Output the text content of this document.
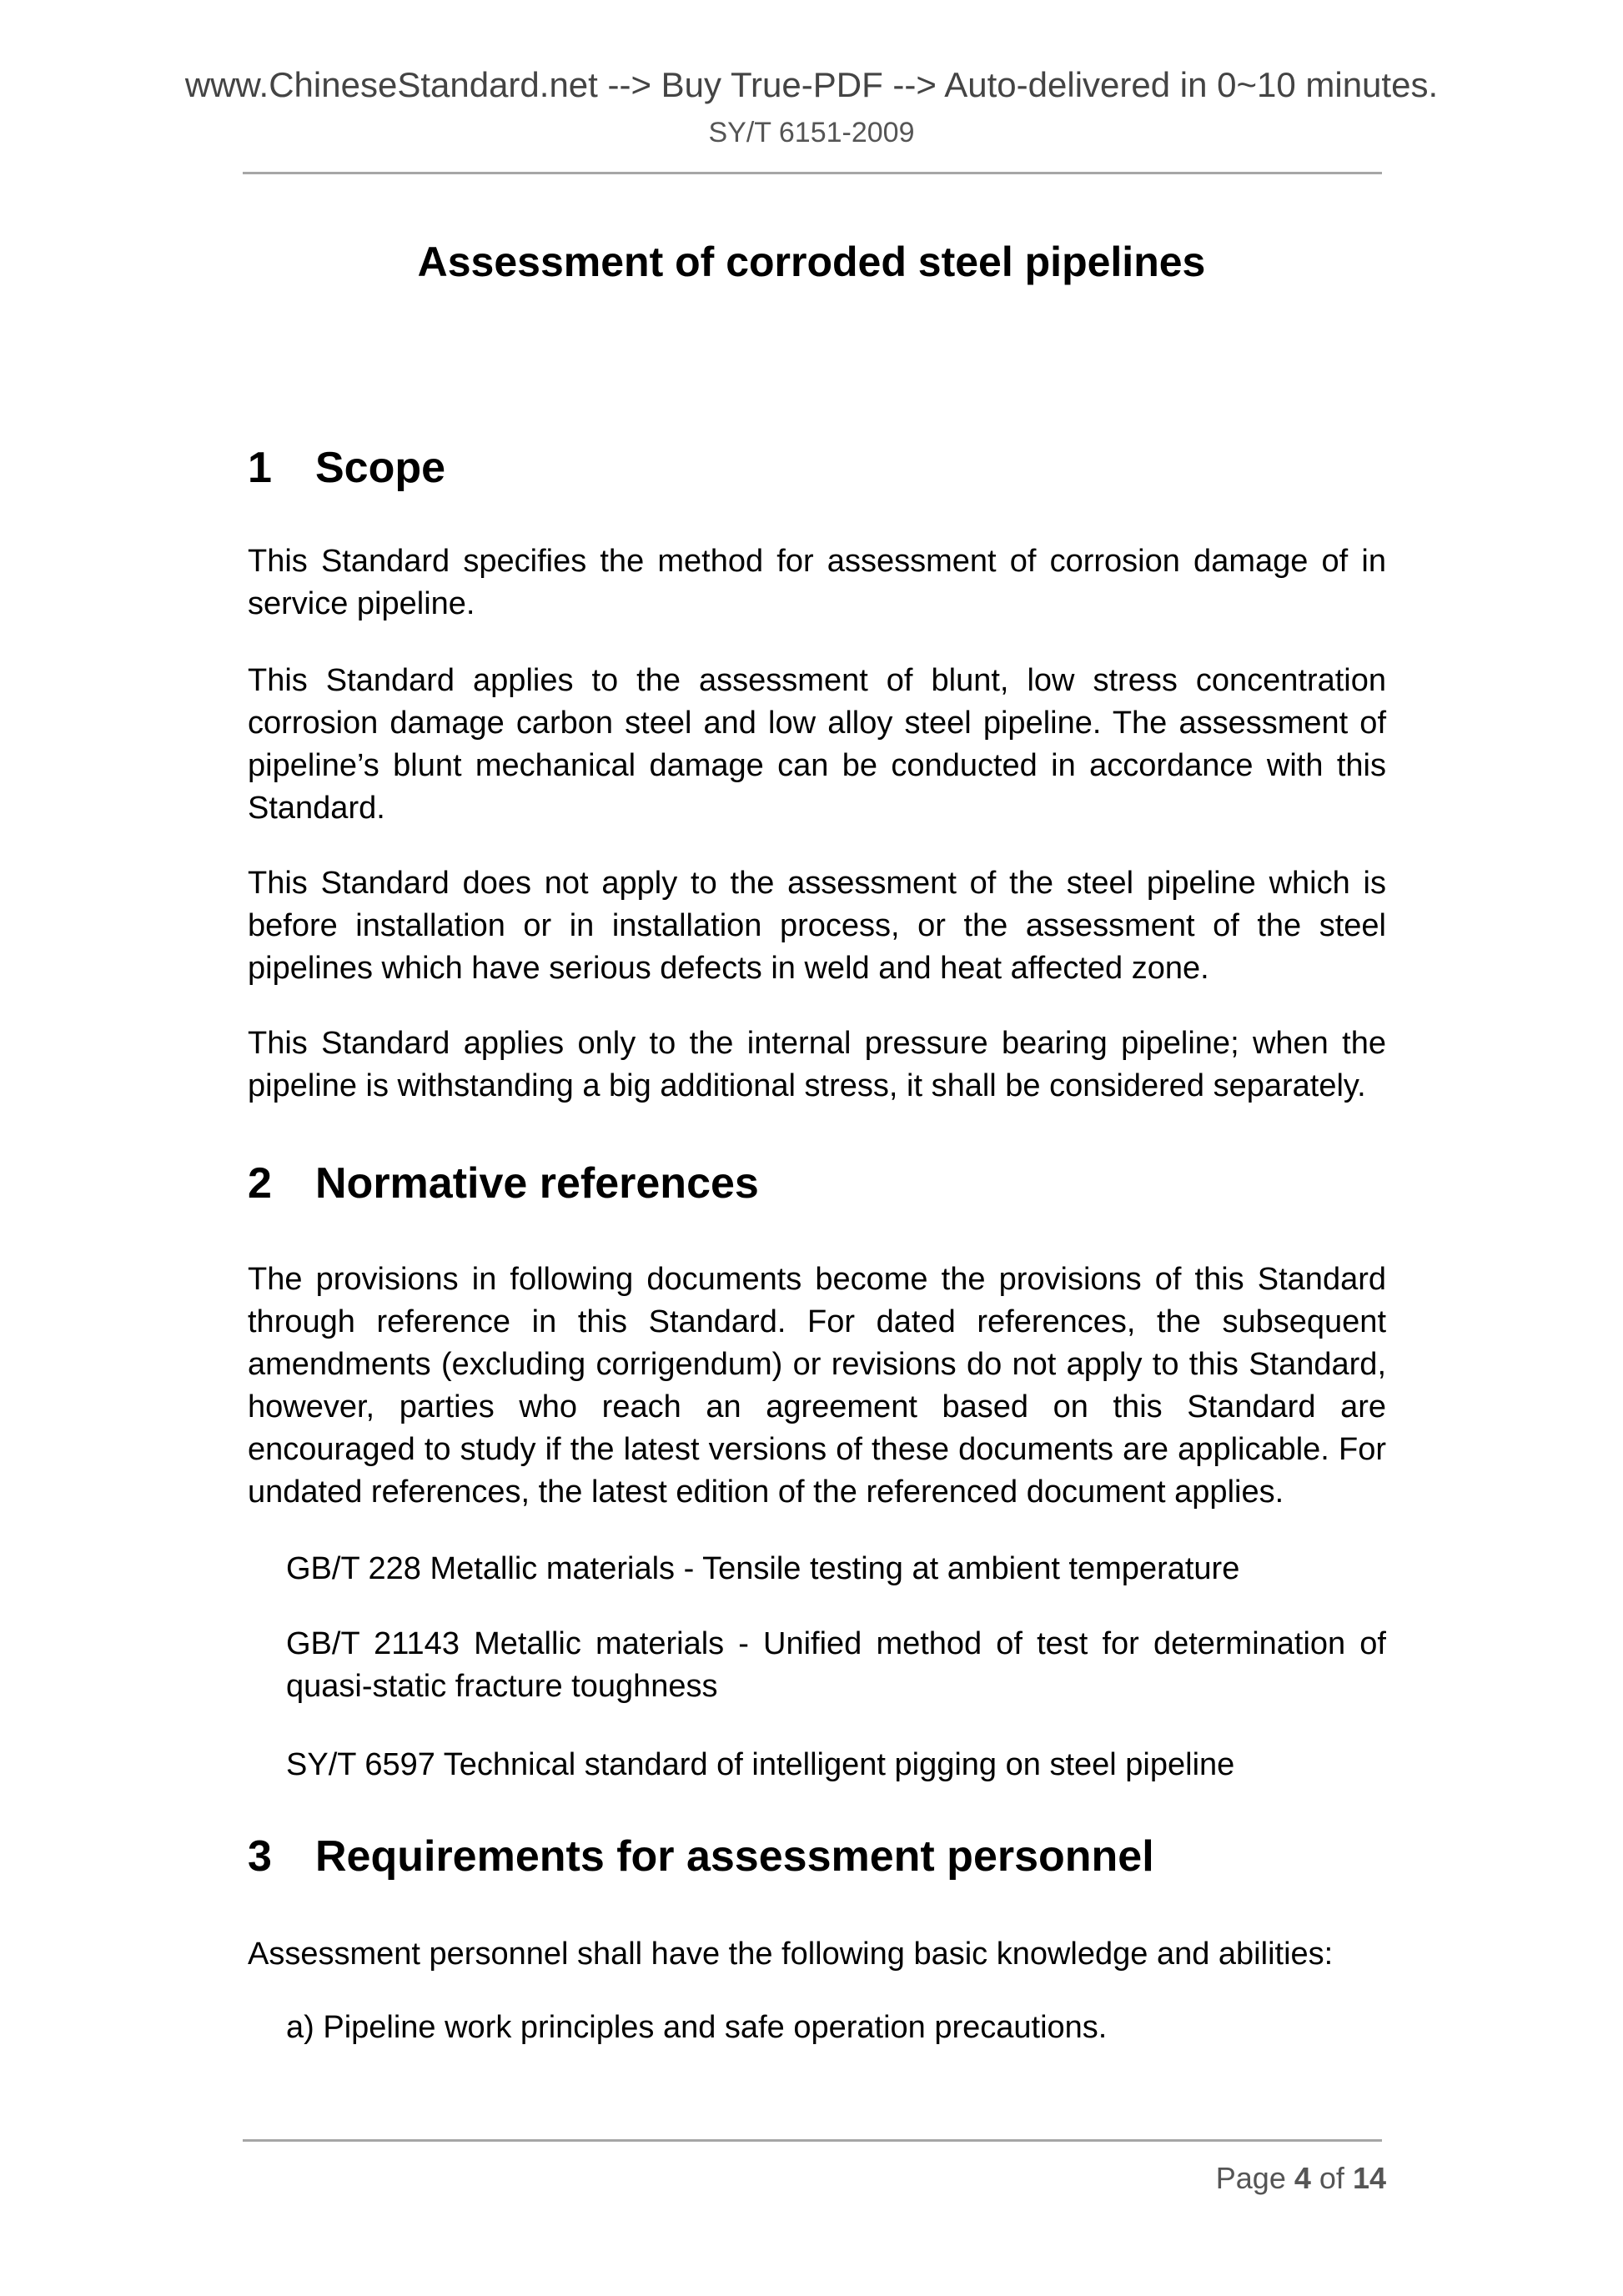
www.ChineseStandard.net --> Buy True-PDF --> Auto-delivered in 0~10 minutes.
SY/T 6151-2009
Assessment of corroded steel pipelines
1 Scope

This Standard specifies the method for assessment of corrosion damage of in service pipeline.

This Standard applies to the assessment of blunt, low stress concentration corrosion damage carbon steel and low alloy steel pipeline. The assessment of pipeline’s blunt mechanical damage can be conducted in accordance with this Standard.

This Standard does not apply to the assessment of the steel pipeline which is before installation or in installation process, or the assessment of the steel pipelines which have serious defects in weld and heat affected zone.

This Standard applies only to the internal pressure bearing pipeline; when the pipeline is withstanding a big additional stress, it shall be considered separately.

2 Normative references

The provisions in following documents become the provisions of this Standard through reference in this Standard. For dated references, the subsequent amendments (excluding corrigendum) or revisions do not apply to this Standard, however, parties who reach an agreement based on this Standard are encouraged to study if the latest versions of these documents are applicable. For undated references, the latest edition of the referenced document applies.

GB/T 228 Metallic materials - Tensile testing at ambient temperature

GB/T 21143 Metallic materials - Unified method of test for determination of quasi-static fracture toughness

SY/T 6597 Technical standard of intelligent pigging on steel pipeline

3 Requirements for assessment personnel

Assessment personnel shall have the following basic knowledge and abilities:

a) Pipeline work principles and safe operation precautions.

Page 4 of 14
